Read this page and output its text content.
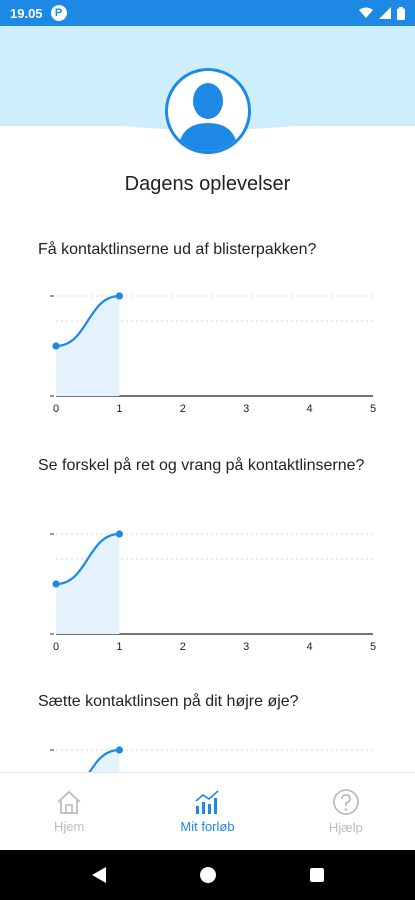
19.05	P
Dagens oplevelser
Få kontaktlinserne ud af blisterpakken?
0	1	2	3	4	5
Se forskel på ret og vrang på kontaktlinserne?
0	1	2	3	4	5
Sætte kontaktlinsen på dit højre øje?
Hjem	Mit forløb	Hjælp
